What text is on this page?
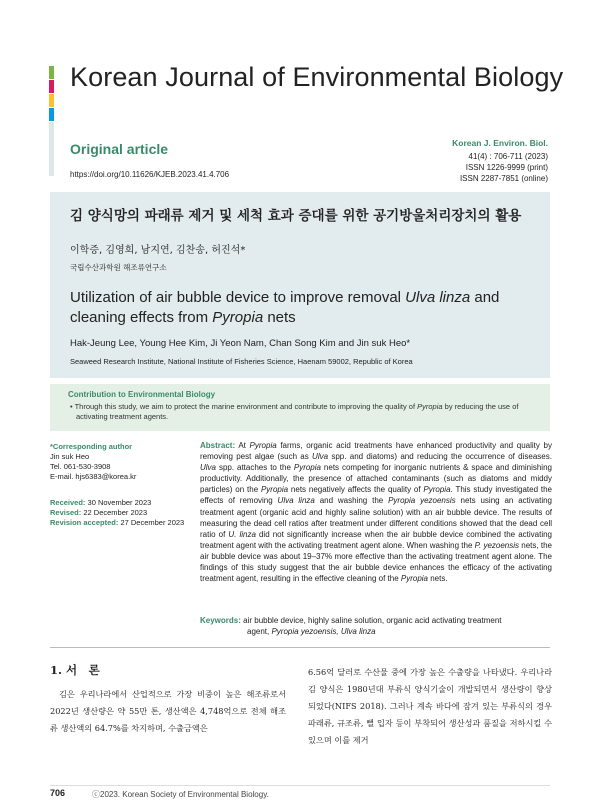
Korean Journal of Environmental Biology
Original article
https://doi.org/10.11626/KJEB.2023.41.4.706
Korean J. Environ. Biol.
41(4) : 706-711 (2023)
ISSN 1226-9999 (print)
ISSN 2287-7851 (online)
김 양식망의 파래류 제거 및 세척 효과 증대를 위한 공기방울처리장치의 활용
이학증, 김영희, 남지연, 김찬송, 허진석*
국립수산과학원 해조류연구소
Utilization of air bubble device to improve removal Ulva linza and cleaning effects from Pyropia nets
Hak-Jeung Lee, Young Hee Kim, Ji Yeon Nam, Chan Song Kim and Jin suk Heo*
Seaweed Research Institute, National Institute of Fisheries Science, Haenam 59002, Republic of Korea
Contribution to Environmental Biology
• Through this study, we aim to protect the marine environment and contribute to improving the quality of Pyropia by reducing the use of activating treatment agents.
*Corresponding author
Jin suk Heo
Tel. 061-530-3908
E-mail. hjs6383@korea.kr
Received: 30 November 2023
Revised: 22 December 2023
Revision accepted: 27 December 2023
Abstract: At Pyropia farms, organic acid treatments have enhanced productivity and quality by removing pest algae (such as Ulva spp. and diatoms) and reducing the occurrence of diseases. Ulva spp. attaches to the Pyropia nets competing for inorganic nutrients & space and diminishing productivity. Additionally, the presence of attached contaminants (such as diatoms and middy particles) on the Pyropia nets negatively affects the quality of Pyropia. This study investigated the effects of removing Ulva linza and washing the Pyropia yezoensis nets using an activating treatment agent (organic acid and highly saline solution) with an air bubble device. The results of measuring the dead cell ratios after treatment under different conditions showed that the dead cell ratio of U. linza did not significantly increase when the air bubble device combined the activating treatment agent with the activating treatment agent alone. When washing the P. yezoensis nets, the air bubble device was about 19–37% more effective than the activating treatment agent alone. The findings of this study suggest that the air bubble device enhances the efficacy of the activating treatment agent, resulting in the effective cleaning of the Pyropia nets.
Keywords: air bubble device, highly saline solution, organic acid activating treatment
agent, Pyropia yezoensis, Ulva linza
1. 서　론
김은 우리나라에서 산업적으로 가장 비중이 높은 해조류로서 2022년 생산량은 약 55만 톤, 생산액은 4,748억으로 전체 해조류 생산액의 64.7%를 차지하며, 수출금액은
6.56억 달러로 수산물 중에 가장 높은 수출량을 나타냈다. 우리나라 김 양식은 1980년대 부류식 양식기술이 개발되면서 생산량이 향상되었다(NIFS 2018). 그러나 계속 바다에 잠겨 있는 부류식의 경우 파래류, 규조류, 뻘 입자 등이 부착되어 생산성과 품질을 저하시킬 수 있으며 이를 제거
706	ⓒ2023. Korean Society of Environmental Biology.
